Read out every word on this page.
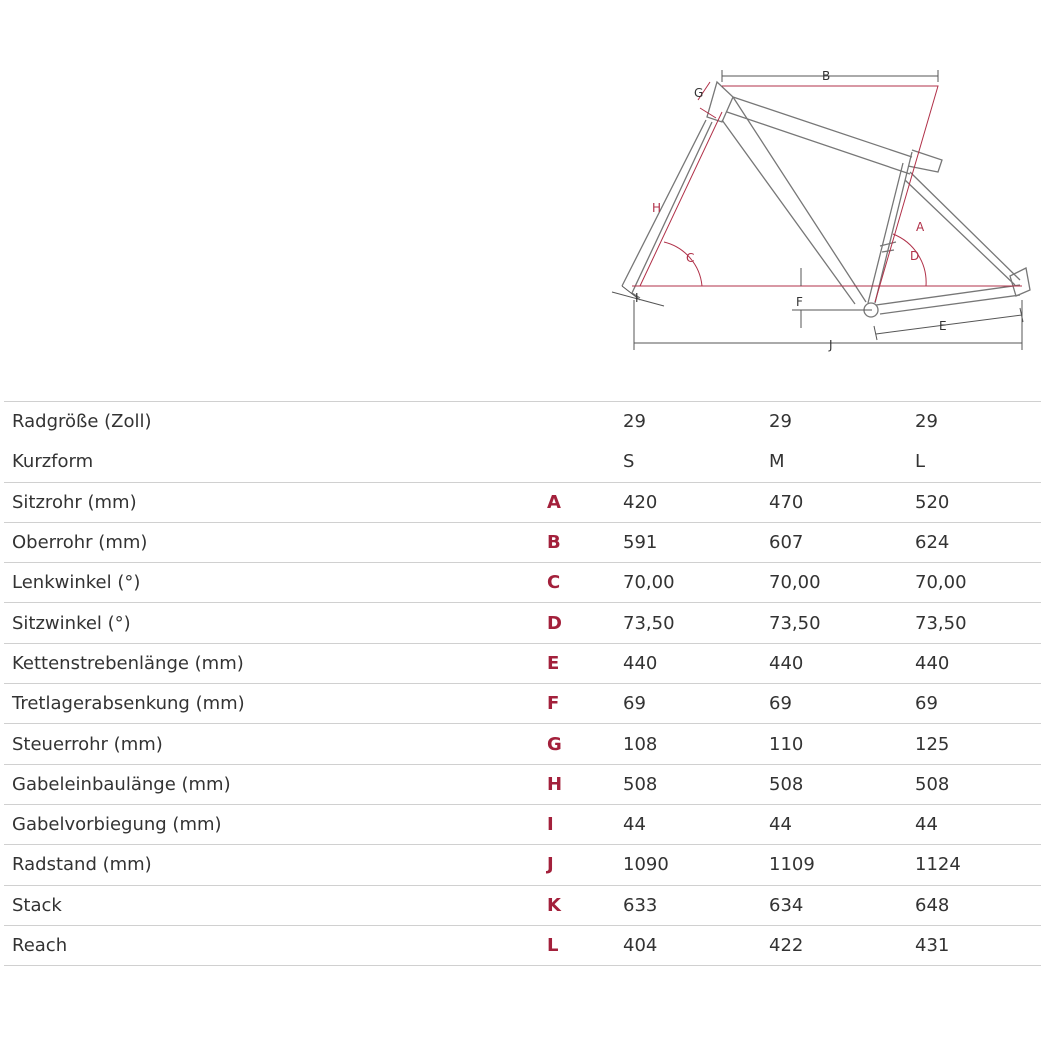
B
G
H
C
A
D
I	F
E
J
Radgröße (Zoll)		29	29	29
Kurzform		S	M	L
Sitzrohr (mm)	A	420	470	520
Oberrohr (mm)	B	591	607	624
Lenkwinkel (°)	C	70,00	70,00	70,00
Sitzwinkel (°)	D	73,50	73,50	73,50
Kettenstrebenlänge (mm)	E	440	440	440
Tretlagerabsenkung (mm)	F	69	69	69
Steuerrohr (mm)	G	108	110	125
Gabeleinbaulänge (mm)	H	508	508	508
Gabelvorbiegung (mm)	I	44	44	44
Radstand (mm)	J	1090	1109	1124
Stack	K	633	634	648
Reach	L	404	422	431
